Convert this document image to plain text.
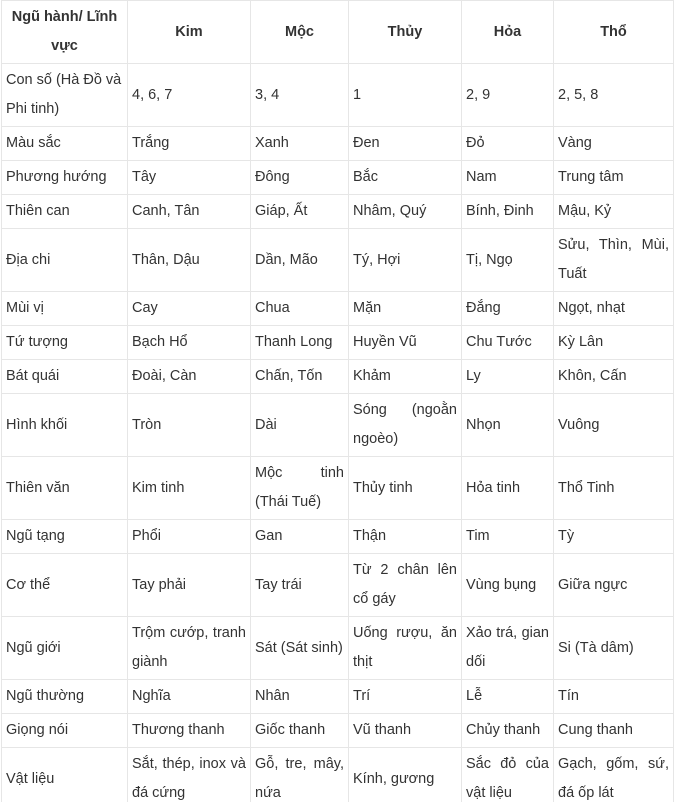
Ngũ hành/ Lĩnh vực	Kim	Mộc	Thủy	Hỏa	Thổ
Con số (Hà Đồ và Phi tinh)	4, 6, 7	3, 4	1	2, 9	2, 5, 8
Màu sắc	Trắng	Xanh	Đen	Đỏ	Vàng
Phương hướng	Tây	Đông	Bắc	Nam	Trung tâm
Thiên can	Canh, Tân	Giáp, Ất	Nhâm, Quý	Bính, Đinh	Mậu, Kỷ
Địa chi	Thân, Dậu	Dần, Mão	Tý, Hợi	Tị, Ngọ	Sửu, Thìn, Mùi, Tuất
Mùi vị	Cay	Chua	Mặn	Đắng	Ngọt, nhạt
Tứ tượng	Bạch Hổ	Thanh Long	Huyền Vũ	Chu Tước	Kỳ Lân
Bát quái	Đoài, Càn	Chấn, Tốn	Khảm	Ly	Khôn, Cấn
Hình khối	Tròn	Dài	Sóng (ngoằn ngoèo)	Nhọn	Vuông
Thiên văn	Kim tinh	Mộc tinh (Thái Tuế)	Thủy tinh	Hỏa tinh	Thổ Tinh
Ngũ tạng	Phổi	Gan	Thận	Tim	Tỳ
Cơ thể	Tay phải	Tay trái	Từ 2 chân lên cổ gáy	Vùng bụng	Giữa ngực
Ngũ giới	Trộm cướp, tranh giành	Sát (Sát sinh)	Uống rượu, ăn thịt	Xảo trá, gian dối	Si (Tà dâm)
Ngũ thường	Nghĩa	Nhân	Trí	Lễ	Tín
Giọng nói	Thương thanh	Giốc thanh	Vũ thanh	Chủy thanh	Cung thanh
Vật liệu	Sắt, thép, inox và đá cứng	Gỗ, tre, mây, nứa	Kính, gương	Sắc đỏ của vật liệu	Gạch, gốm, sứ, đá ốp lát
